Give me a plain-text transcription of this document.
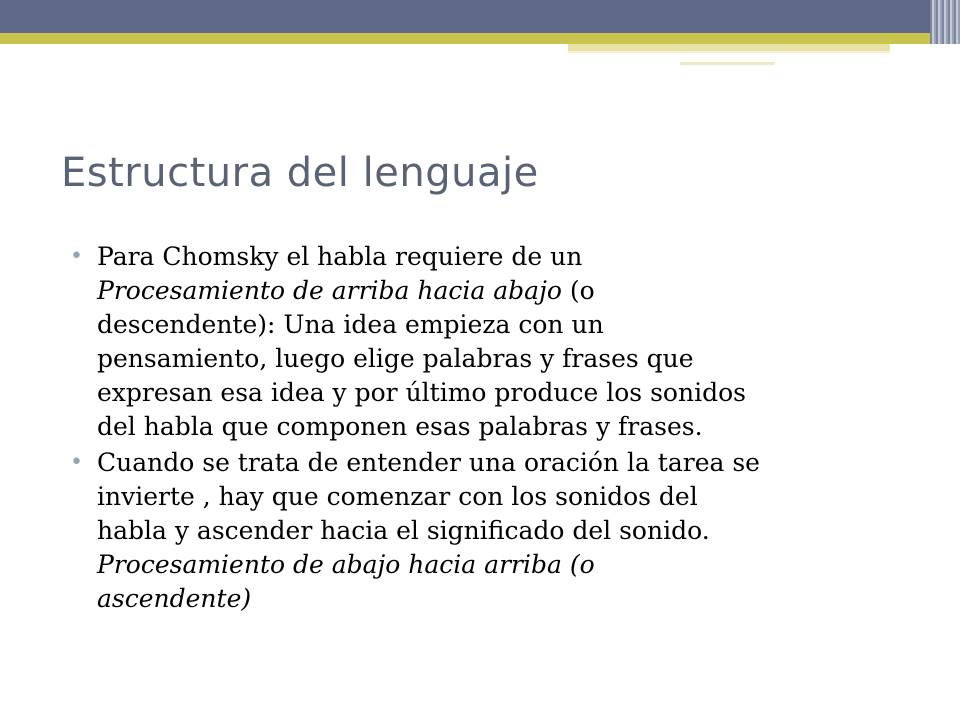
Estructura del lenguaje
• Para Chomsky el habla requiere de un
Procesamiento de arriba hacia abajo (o
descendente): Una idea empieza con un
pensamiento, luego elige palabras y frases que
expresan esa idea y por último produce los sonidos
del habla que componen esas palabras y frases.
• Cuando se trata de entender una oración la tarea se
invierte , hay que comenzar con los sonidos del
habla y ascender hacia el significado del sonido.
Procesamiento de abajo hacia arriba (o
ascendente)
